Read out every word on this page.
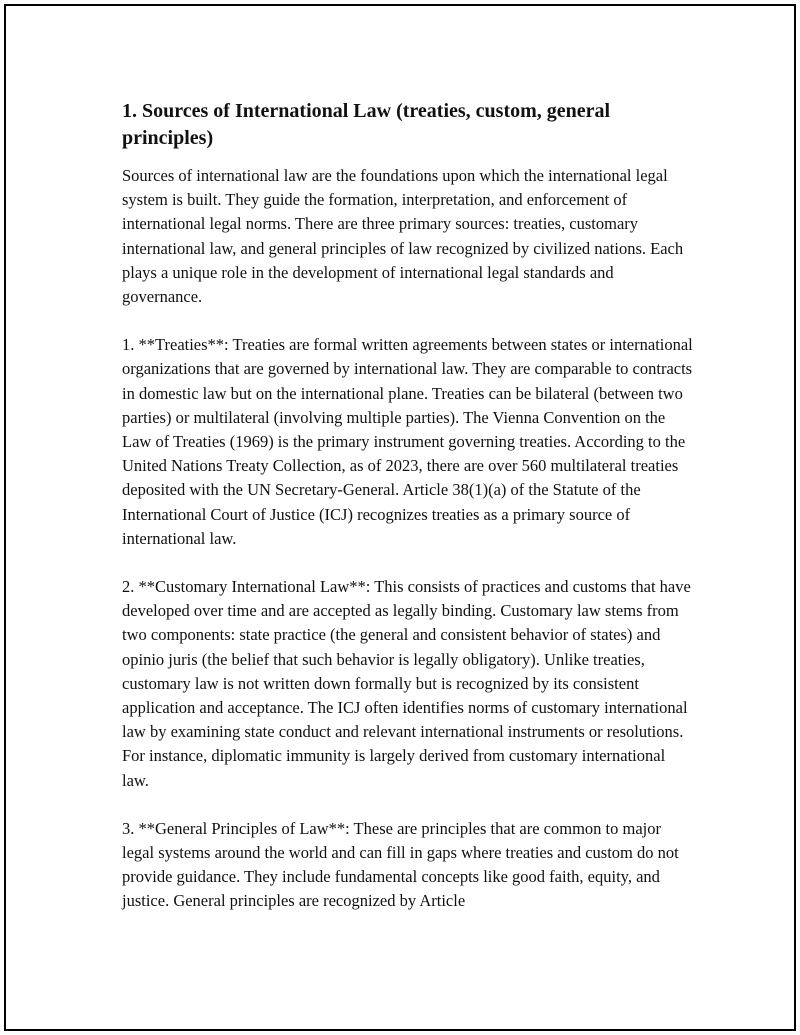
1. Sources of International Law (treaties, custom, general principles)

Sources of international law are the foundations upon which the international legal system is built. They guide the formation, interpretation, and enforcement of international legal norms. There are three primary sources: treaties, customary international law, and general principles of law recognized by civilized nations. Each plays a unique role in the development of international legal standards and governance.

1. **Treaties**: Treaties are formal written agreements between states or international organizations that are governed by international law. They are comparable to contracts in domestic law but on the international plane. Treaties can be bilateral (between two parties) or multilateral (involving multiple parties). The Vienna Convention on the Law of Treaties (1969) is the primary instrument governing treaties. According to the United Nations Treaty Collection, as of 2023, there are over 560 multilateral treaties deposited with the UN Secretary-General. Article 38(1)(a) of the Statute of the International Court of Justice (ICJ) recognizes treaties as a primary source of international law.

2. **Customary International Law**: This consists of practices and customs that have developed over time and are accepted as legally binding. Customary law stems from two components: state practice (the general and consistent behavior of states) and opinio juris (the belief that such behavior is legally obligatory). Unlike treaties, customary law is not written down formally but is recognized by its consistent application and acceptance. The ICJ often identifies norms of customary international law by examining state conduct and relevant international instruments or resolutions. For instance, diplomatic immunity is largely derived from customary international law.

3. **General Principles of Law**: These are principles that are common to major legal systems around the world and can fill in gaps where treaties and custom do not provide guidance. They include fundamental concepts like good faith, equity, and justice. General principles are recognized by Article
